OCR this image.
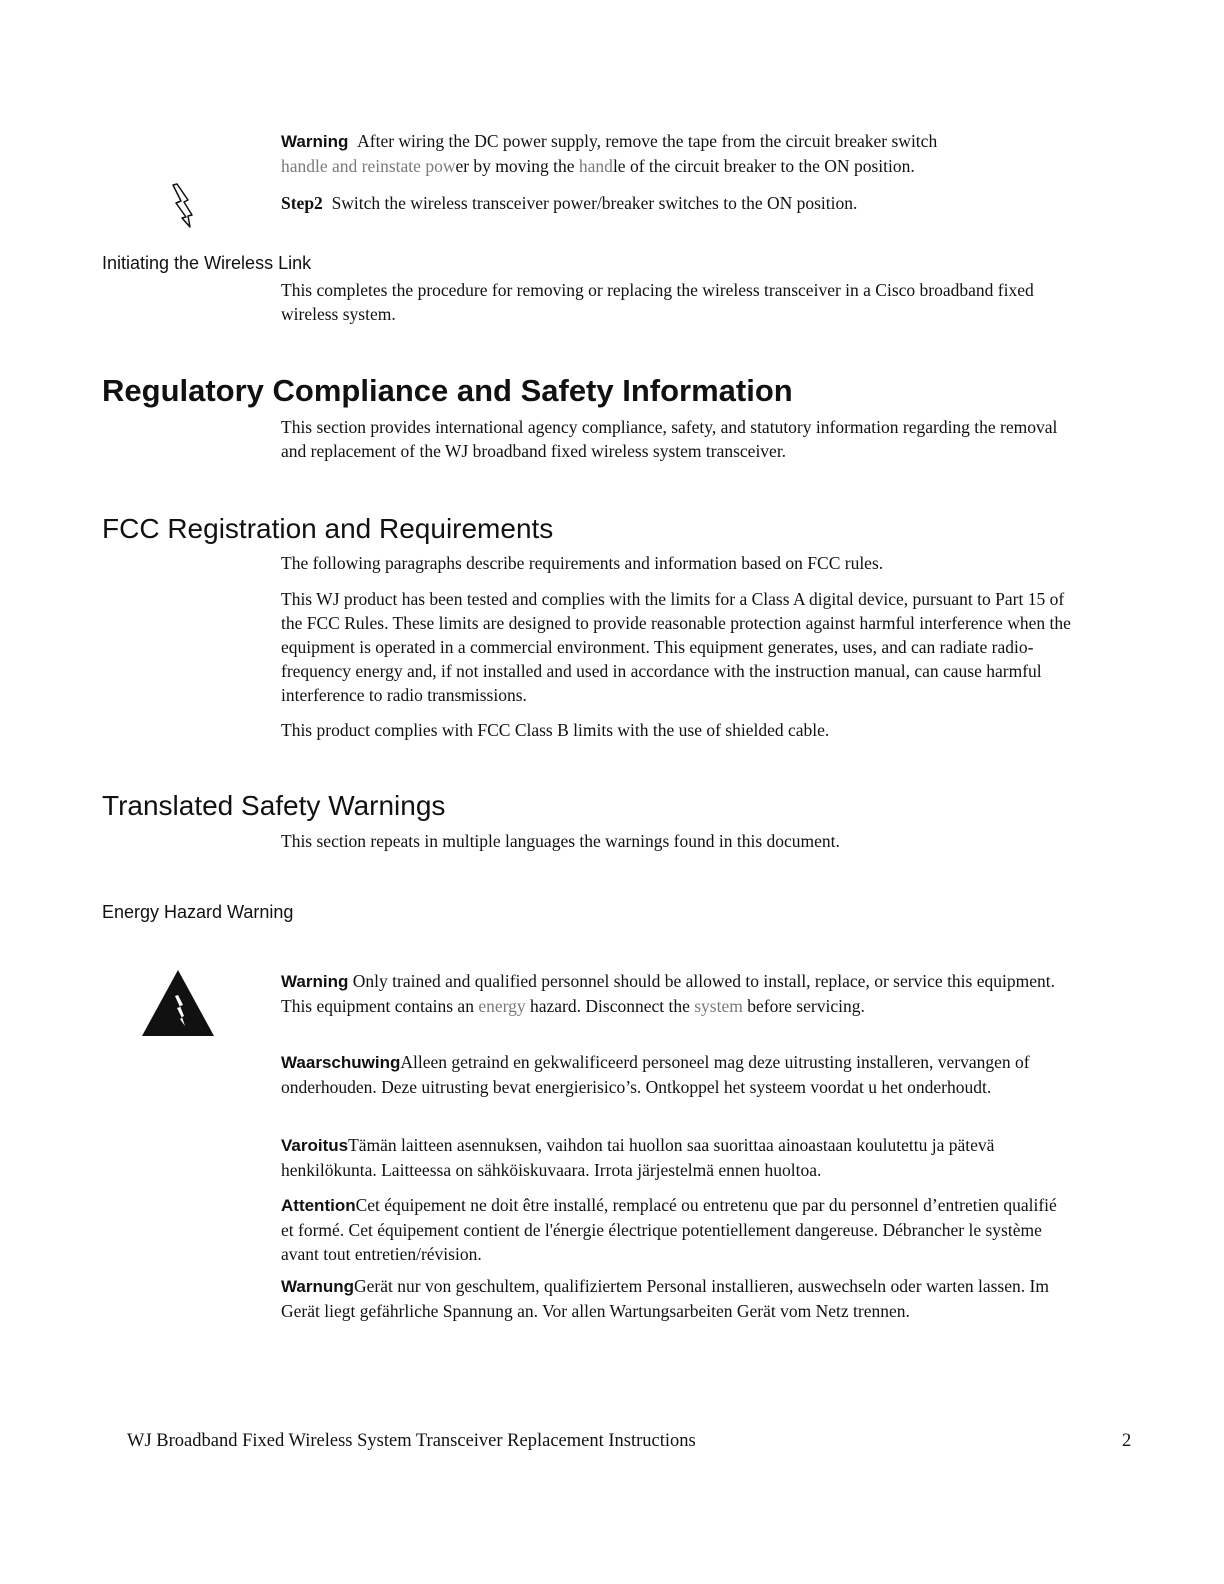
Warning After wiring the DC power supply, remove the tape from the circuit breaker switch
handle and reinstate power by moving the handle of the circuit breaker to the ON position.
Step2 Switch the wireless transceiver power/breaker switches to the ON position.
Initiating the Wireless Link
This completes the procedure for removing or replacing the wireless transceiver in a Cisco broadband fixed wireless system.
Regulatory Compliance and Safety Information
This section provides international agency compliance, safety, and statutory information regarding the removal and replacement of the WJ broadband fixed wireless system transceiver.
FCC Registration and Requirements
The following paragraphs describe requirements and information based on FCC rules.
This WJ product has been tested and complies with the limits for a Class A digital device, pursuant to Part 15 of the FCC Rules. These limits are designed to provide reasonable protection against harmful interference when the equipment is operated in a commercial environment. This equipment generates, uses, and can radiate radio-frequency energy and, if not installed and used in accordance with the instruction manual, can cause harmful interference to radio transmissions.
This product complies with FCC Class B limits with the use of shielded cable.
Translated Safety Warnings
This section repeats in multiple languages the warnings found in this document.
Energy Hazard Warning
Warning Only trained and qualified personnel should be allowed to install, replace, or service this equipment. This equipment contains an energy hazard. Disconnect the system before servicing.
WaarschuwingAlleen getraind en gekwalificeerd personeel mag deze uitrusting installeren, vervangen of onderhouden. Deze uitrusting bevat energierisico’s. Ontkoppel het systeem voordat u het onderhoudt.
VaroitusTämän laitteen asennuksen, vaihdon tai huollon saa suorittaa ainoastaan koulutettu ja pätevä henkilökunta. Laitteessa on sähköiskuvaara. Irrota järjestelmä ennen huoltoa.
AttentionCet équipement ne doit être installé, remplacé ou entretenu que par du personnel d’entretien qualifié et formé. Cet équipement contient de l'énergie électrique potentiellement dangereuse. Débrancher le système avant tout entretien/révision.
WarnungGerät nur von geschultem, qualifiziertem Personal installieren, auswechseln oder warten lassen. Im Gerät liegt gefährliche Spannung an. Vor allen Wartungsarbeiten Gerät vom Netz trennen.
WJ Broadband Fixed Wireless System Transceiver Replacement Instructions	2
